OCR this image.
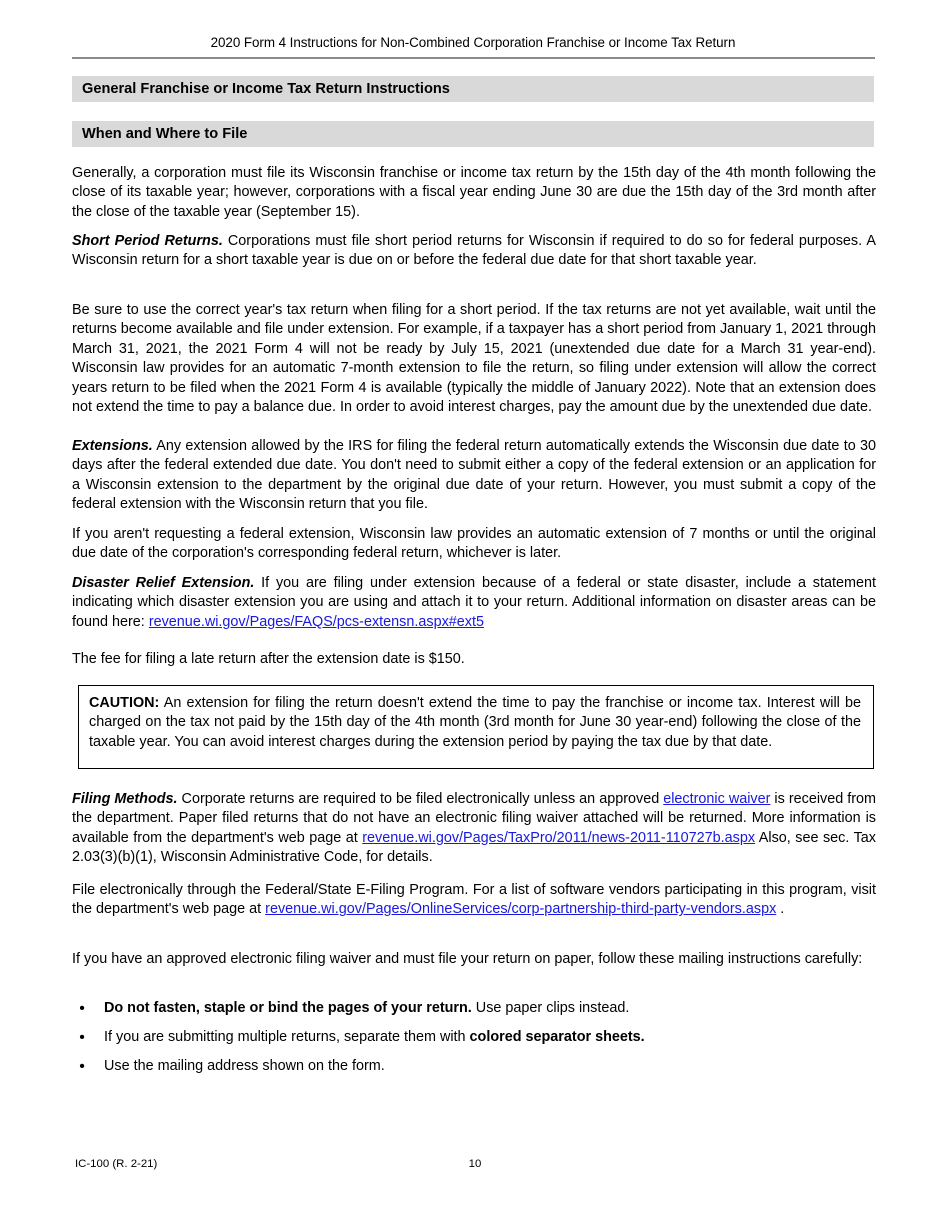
2020 Form 4 Instructions for Non-Combined Corporation Franchise or Income Tax Return
General Franchise or Income Tax Return Instructions
When and Where to File
Generally, a corporation must file its Wisconsin franchise or income tax return by the 15th day of the 4th month following the close of its taxable year; however, corporations with a fiscal year ending June 30 are due the 15th day of the 3rd month after the close of the taxable year (September 15).
Short Period Returns. Corporations must file short period returns for Wisconsin if required to do so for federal purposes. A Wisconsin return for a short taxable year is due on or before the federal due date for that short taxable year.
Be sure to use the correct year's tax return when filing for a short period. If the tax returns are not yet available, wait until the returns become available and file under extension. For example, if a taxpayer has a short period from January 1, 2021 through March 31, 2021, the 2021 Form 4 will not be ready by July 15, 2021 (unextended due date for a March 31 year-end). Wisconsin law provides for an automatic 7-month extension to file the return, so filing under extension will allow the correct years return to be filed when the 2021 Form 4 is available (typically the middle of January 2022). Note that an extension does not extend the time to pay a balance due. In order to avoid interest charges, pay the amount due by the unextended due date.
Extensions. Any extension allowed by the IRS for filing the federal return automatically extends the Wisconsin due date to 30 days after the federal extended due date. You don't need to submit either a copy of the federal extension or an application for a Wisconsin extension to the department by the original due date of your return. However, you must submit a copy of the federal extension with the Wisconsin return that you file.
If you aren't requesting a federal extension, Wisconsin law provides an automatic extension of 7 months or until the original due date of the corporation's corresponding federal return, whichever is later.
Disaster Relief Extension. If you are filing under extension because of a federal or state disaster, include a statement indicating which disaster extension you are using and attach it to your return. Additional information on disaster areas can be found here: revenue.wi.gov/Pages/FAQS/pcs-extensn.aspx#ext5
The fee for filing a late return after the extension date is $150.
CAUTION: An extension for filing the return doesn't extend the time to pay the franchise or income tax. Interest will be charged on the tax not paid by the 15th day of the 4th month (3rd month for June 30 year-end) following the close of the taxable year. You can avoid interest charges during the extension period by paying the tax due by that date.
Filing Methods. Corporate returns are required to be filed electronically unless an approved electronic waiver is received from the department. Paper filed returns that do not have an electronic filing waiver attached will be returned. More information is available from the department's web page at revenue.wi.gov/Pages/TaxPro/2011/news-2011-110727b.aspx Also, see sec. Tax 2.03(3)(b)(1), Wisconsin Administrative Code, for details.
File electronically through the Federal/State E-Filing Program. For a list of software vendors participating in this program, visit the department's web page at revenue.wi.gov/Pages/OnlineServices/corp-partnership-third-party-vendors.aspx .
If you have an approved electronic filing waiver and must file your return on paper, follow these mailing instructions carefully:
•	Do not fasten, staple or bind the pages of your return. Use paper clips instead.
•	If you are submitting multiple returns, separate them with colored separator sheets.
•	Use the mailing address shown on the form.
IC-100 (R. 2-21)	10
